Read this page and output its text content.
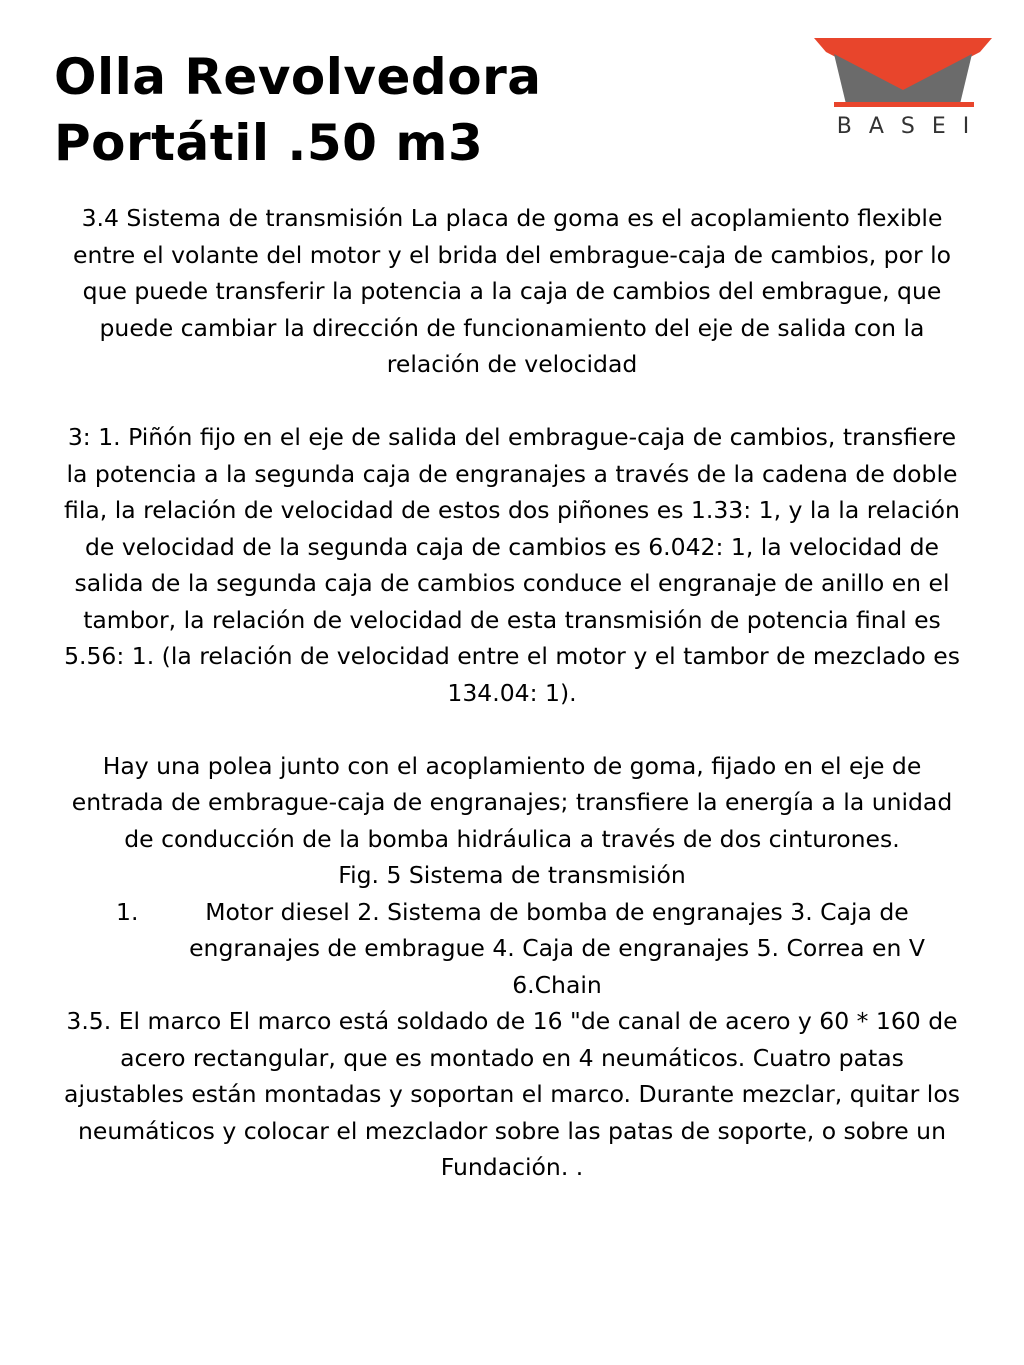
Olla Revolvedora
Portátil .50 m3	BASEI

3.4 Sistema de transmisión La placa de goma es el acoplamiento flexible entre el volante del motor y el brida del embrague-caja de cambios, por lo que puede transferir la potencia a la caja de cambios del embrague, que puede cambiar la dirección de funcionamiento del eje de salida con la relación de velocidad

3: 1. Piñón fijo en el eje de salida del embrague-caja de cambios, transfiere la potencia a la segunda caja de engranajes a través de la cadena de doble fila, la relación de velocidad de estos dos piñones es 1.33: 1, y la la relación de velocidad de la segunda caja de cambios es 6.042: 1, la velocidad de salida de la segunda caja de cambios conduce el engranaje de anillo en el tambor, la relación de velocidad de esta transmisión de potencia final es 5.56: 1. (la relación de velocidad entre el motor y el tambor de mezclado es 134.04: 1).

Hay una polea junto con el acoplamiento de goma, fijado en el eje de entrada de embrague-caja de engranajes; transfiere la energía a la unidad de conducción de la bomba hidráulica a través de dos cinturones.

Fig. 5 Sistema de transmisión

1.	Motor diesel 2. Sistema de bomba de engranajes 3. Caja de engranajes de embrague 4. Caja de engranajes 5. Correa en V 6.Chain

3.5. El marco El marco está soldado de 16 "de canal de acero y 60 * 160 de acero rectangular, que es montado en 4 neumáticos. Cuatro patas ajustables están montadas y soportan el marco. Durante mezclar, quitar los neumáticos y colocar el mezclador sobre las patas de soporte, o sobre un Fundación. .
